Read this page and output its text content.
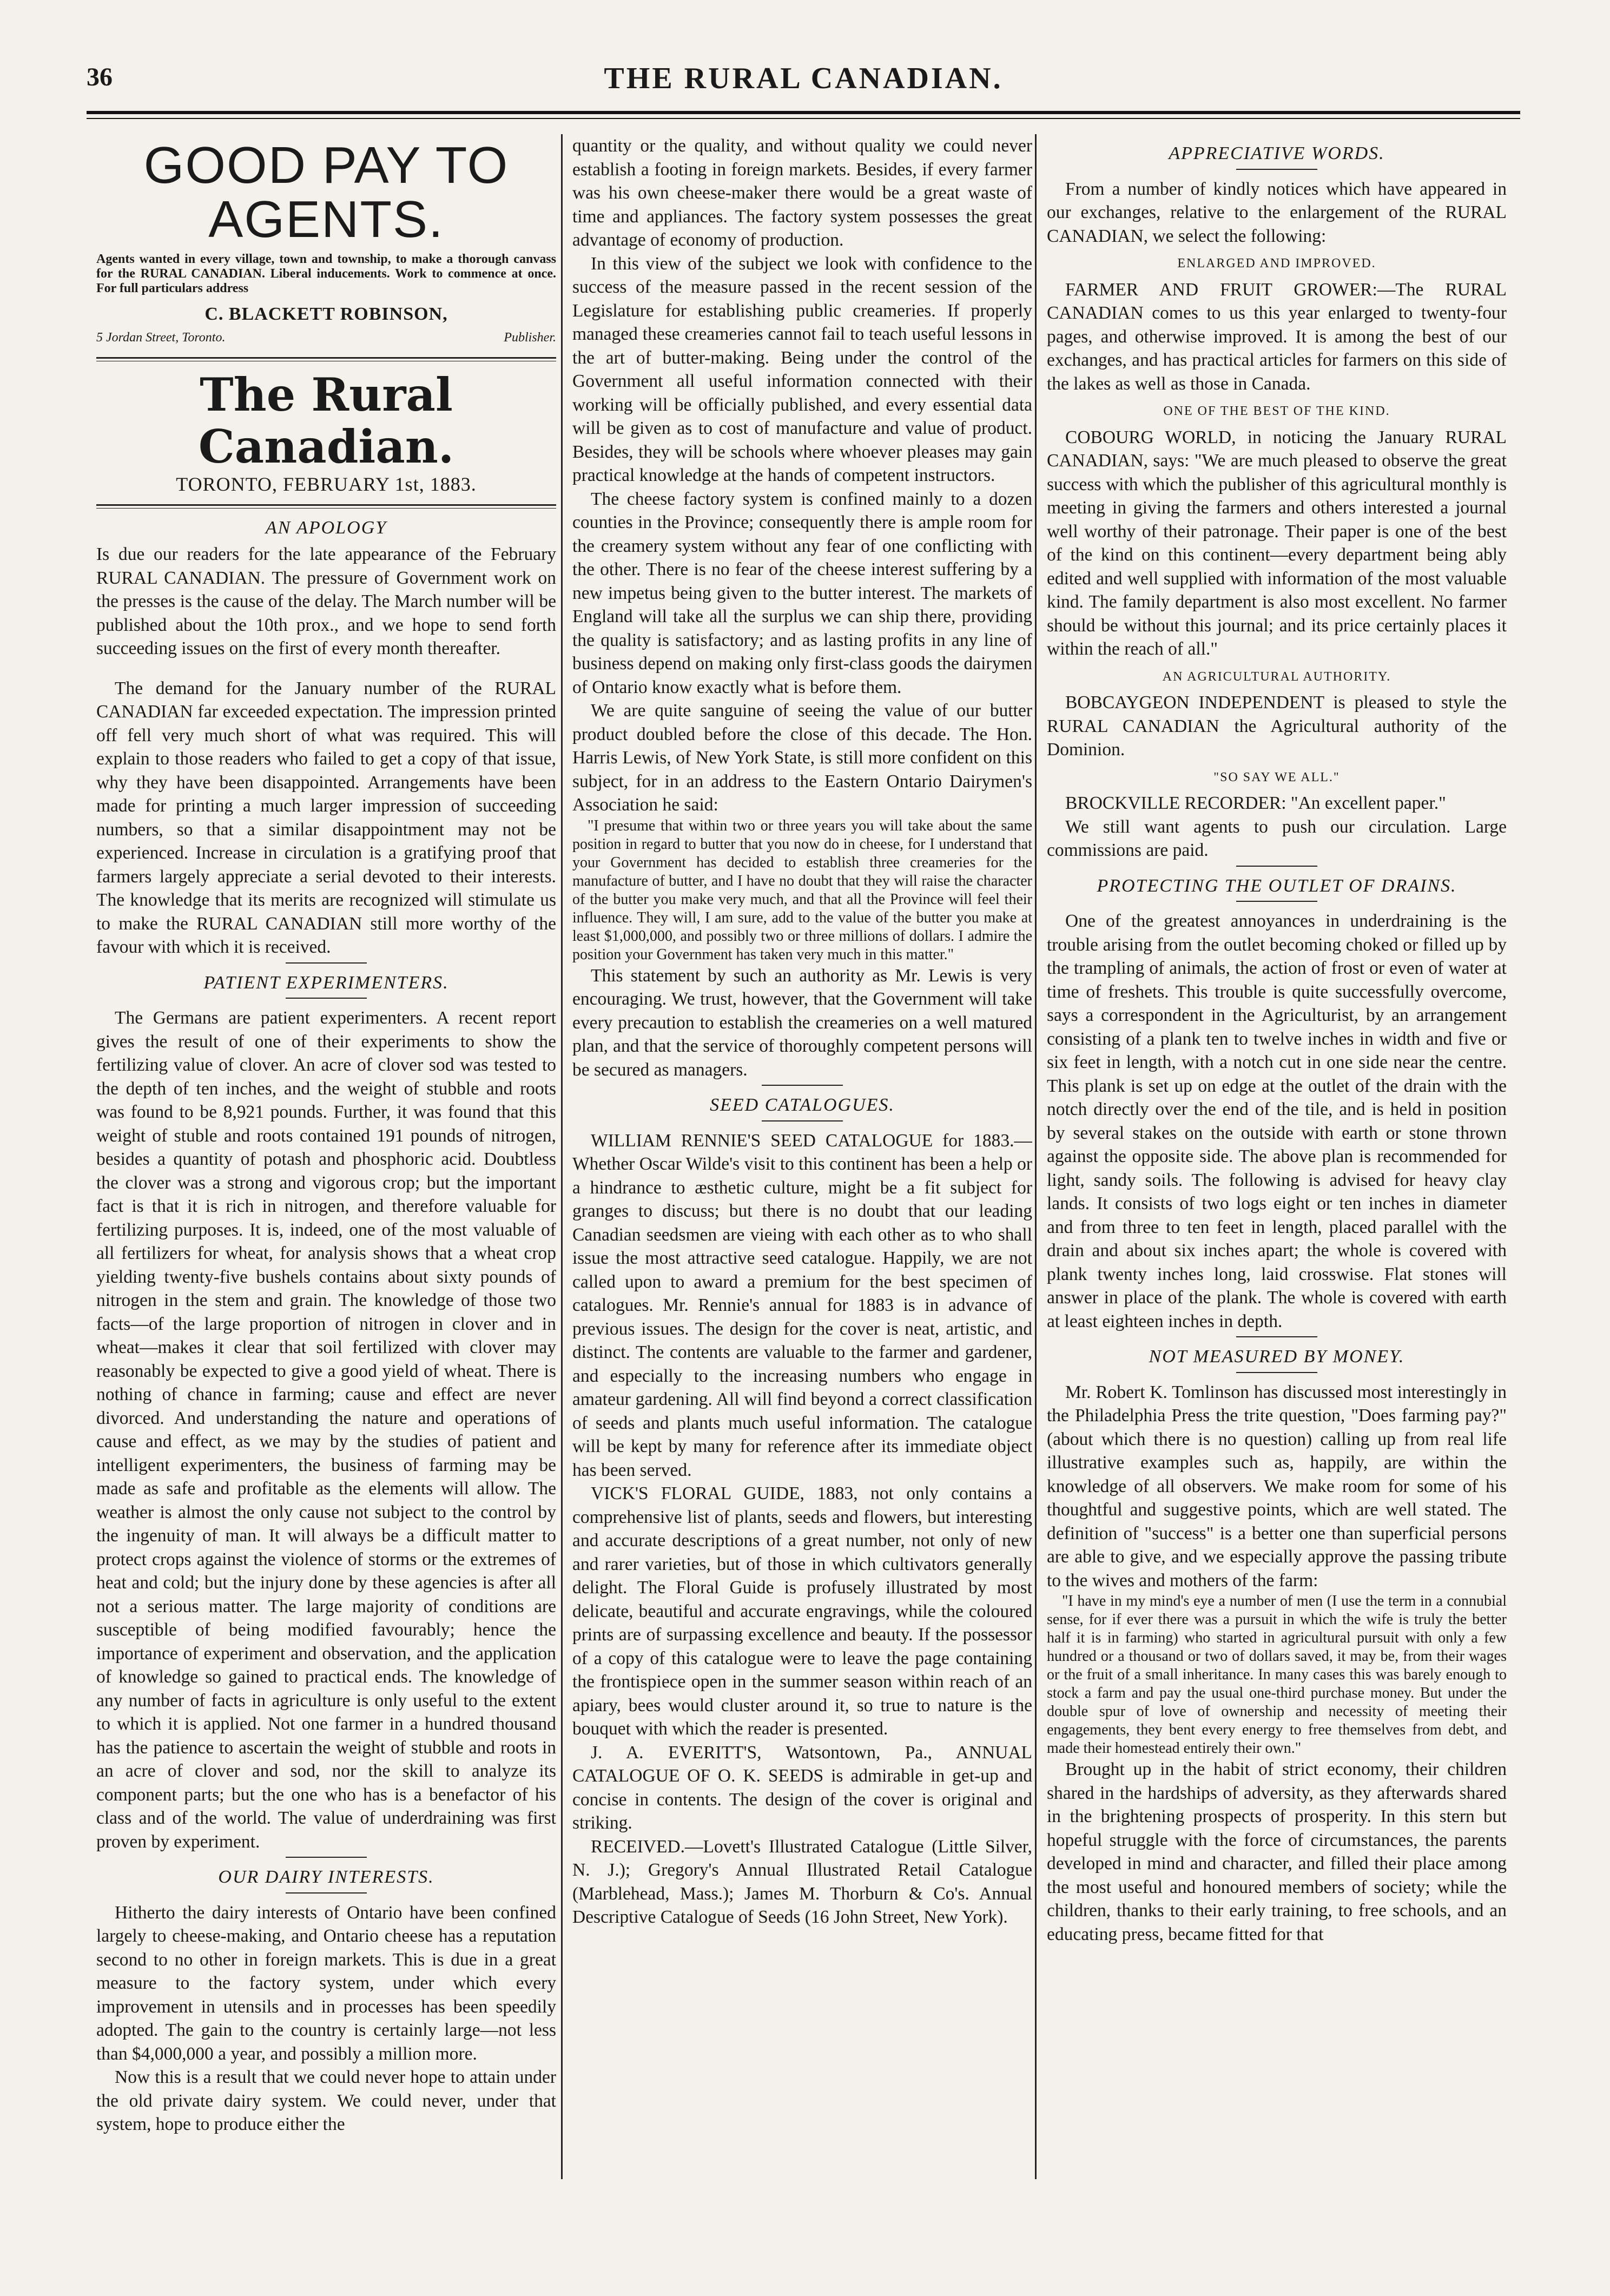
36	THE RURAL CANADIAN.
GOOD PAY TO AGENTS.

Agents wanted in every village, town and township, to make a thorough canvass for the RURAL CANADIAN. Liberal inducements. Work to commence at once. For full particulars address

C. BLACKETT ROBINSON,
5 Jordan Street, Toronto.	Publisher.
The Rural Canadian.
TORONTO, FEBRUARY 1st, 1883.
AN APOLOGY

Is due our readers for the late appearance of the February RURAL CANADIAN. The pressure of Government work on the presses is the cause of the delay. The March number will be published about the 10th prox., and we hope to send forth succeeding issues on the first of every month thereafter.

The demand for the January number of the RURAL CANADIAN far exceeded expectation. The impression printed off fell very much short of what was required. This will explain to those readers who failed to get a copy of that issue, why they have been disappointed. Arrangements have been made for printing a much larger impression of succeeding numbers, so that a similar disappointment may not be experienced. Increase in circulation is a gratifying proof that farmers largely appreciate a serial devoted to their interests. The knowledge that its merits are recognized will stimulate us to make the RURAL CANADIAN still more worthy of the favour with which it is received.

PATIENT EXPERIMENTERS.

The Germans are patient experimenters. A recent report gives the result of one of their experiments to show the fertilizing value of clover. An acre of clover sod was tested to the depth of ten inches, and the weight of stubble and roots was found to be 8,921 pounds. Further, it was found that this weight of stuble and roots contained 191 pounds of nitrogen, besides a quantity of potash and phosphoric acid. Doubtless the clover was a strong and vigorous crop; but the important fact is that it is rich in nitrogen, and therefore valuable for fertilizing purposes. It is, indeed, one of the most valuable of all fertilizers for wheat, for analysis shows that a wheat crop yielding twenty-five bushels contains about sixty pounds of nitrogen in the stem and grain. The knowledge of those two facts—of the large proportion of nitrogen in clover and in wheat—makes it clear that soil fertilized with clover may reasonably be expected to give a good yield of wheat. There is nothing of chance in farming; cause and effect are never divorced. And understanding the nature and operations of cause and effect, as we may by the studies of patient and intelligent experimenters, the business of farming may be made as safe and profitable as the elements will allow. The weather is almost the only cause not subject to the control by the ingenuity of man. It will always be a difficult matter to protect crops against the violence of storms or the extremes of heat and cold; but the injury done by these agencies is after all not a serious matter. The large majority of conditions are susceptible of being modified favourably; hence the importance of experiment and observation, and the application of knowledge so gained to practical ends. The knowledge of any number of facts in agriculture is only useful to the extent to which it is applied. Not one farmer in a hundred thousand has the patience to ascertain the weight of stubble and roots in an acre of clover and sod, nor the skill to analyze its component parts; but the one who has is a benefactor of his class and of the world. The value of underdraining was first proven by experiment.

OUR DAIRY INTERESTS.

Hitherto the dairy interests of Ontario have been confined largely to cheese-making, and Ontario cheese has a reputation second to no other in foreign markets. This is due in a great measure to the factory system, under which every improvement in utensils and in processes has been speedily adopted. The gain to the country is certainly large—not less than $4,000,000 a year, and possibly a million more.

Now this is a result that we could never hope to attain under the old private dairy system. We could never, under that system, hope to produce either the

quantity or the quality, and without quality we could never establish a footing in foreign markets. Besides, if every farmer was his own cheese-maker there would be a great waste of time and appliances. The factory system possesses the great advantage of economy of production.

In this view of the subject we look with confidence to the success of the measure passed in the recent session of the Legislature for establishing public creameries. If properly managed these creameries cannot fail to teach useful lessons in the art of butter-making. Being under the control of the Government all useful information connected with their working will be officially published, and every essential data will be given as to cost of manufacture and value of product. Besides, they will be schools where whoever pleases may gain practical knowledge at the hands of competent instructors.

The cheese factory system is confined mainly to a dozen counties in the Province; consequently there is ample room for the creamery system without any fear of one conflicting with the other. There is no fear of the cheese interest suffering by a new impetus being given to the butter interest. The markets of England will take all the surplus we can ship there, providing the quality is satisfactory; and as lasting profits in any line of business depend on making only first-class goods the dairymen of Ontario know exactly what is before them.

We are quite sanguine of seeing the value of our butter product doubled before the close of this decade. The Hon. Harris Lewis, of New York State, is still more confident on this subject, for in an address to the Eastern Ontario Dairymen's Association he said:

"I presume that within two or three years you will take about the same position in regard to butter that you now do in cheese, for I understand that your Government has decided to establish three creameries for the manufacture of butter, and I have no doubt that they will raise the character of the butter you make very much, and that all the Province will feel their influence. They will, I am sure, add to the value of the butter you make at least $1,000,000, and possibly two or three millions of dollars. I admire the position your Government has taken very much in this matter."

This statement by such an authority as Mr. Lewis is very encouraging. We trust, however, that the Government will take every precaution to establish the creameries on a well matured plan, and that the service of thoroughly competent persons will be secured as managers.

SEED CATALOGUES.

WILLIAM RENNIE'S SEED CATALOGUE for 1883.—Whether Oscar Wilde's visit to this continent has been a help or a hindrance to æsthetic culture, might be a fit subject for granges to discuss; but there is no doubt that our leading Canadian seedsmen are vieing with each other as to who shall issue the most attractive seed catalogue. Happily, we are not called upon to award a premium for the best specimen of catalogues. Mr. Rennie's annual for 1883 is in advance of previous issues. The design for the cover is neat, artistic, and distinct. The contents are valuable to the farmer and gardener, and especially to the increasing numbers who engage in amateur gardening. All will find beyond a correct classification of seeds and plants much useful information. The catalogue will be kept by many for reference after its immediate object has been served.

VICK'S FLORAL GUIDE, 1883, not only contains a comprehensive list of plants, seeds and flowers, but interesting and accurate descriptions of a great number, not only of new and rarer varieties, but of those in which cultivators generally delight. The Floral Guide is profusely illustrated by most delicate, beautiful and accurate engravings, while the coloured prints are of surpassing excellence and beauty. If the possessor of a copy of this catalogue were to leave the page containing the frontispiece open in the summer season within reach of an apiary, bees would cluster around it, so true to nature is the bouquet with which the reader is presented.

J. A. EVERITT'S, Watsontown, Pa., ANNUAL CATALOGUE OF O. K. SEEDS is admirable in get-up and concise in contents. The design of the cover is original and striking.

RECEIVED.—Lovett's Illustrated Catalogue (Little Silver, N. J.); Gregory's Annual Illustrated Retail Catalogue (Marblehead, Mass.); James M. Thorburn & Co's. Annual Descriptive Catalogue of Seeds (16 John Street, New York).

APPRECIATIVE WORDS.

From a number of kindly notices which have appeared in our exchanges, relative to the enlargement of the RURAL CANADIAN, we select the following:

ENLARGED AND IMPROVED.

FARMER AND FRUIT GROWER:—The RURAL CANADIAN comes to us this year enlarged to twenty-four pages, and otherwise improved. It is among the best of our exchanges, and has practical articles for farmers on this side of the lakes as well as those in Canada.

ONE OF THE BEST OF THE KIND.

COBOURG WORLD, in noticing the January RURAL CANADIAN, says: "We are much pleased to observe the great success with which the publisher of this agricultural monthly is meeting in giving the farmers and others interested a journal well worthy of their patronage. Their paper is one of the best of the kind on this continent—every department being ably edited and well supplied with information of the most valuable kind. The family department is also most excellent. No farmer should be without this journal; and its price certainly places it within the reach of all."

AN AGRICULTURAL AUTHORITY.

BOBCAYGEON INDEPENDENT is pleased to style the RURAL CANADIAN the Agricultural authority of the Dominion.

"SO SAY WE ALL."

BROCKVILLE RECORDER: "An excellent paper."

We still want agents to push our circulation. Large commissions are paid.

PROTECTING THE OUTLET OF DRAINS.

One of the greatest annoyances in underdraining is the trouble arising from the outlet becoming choked or filled up by the trampling of animals, the action of frost or even of water at time of freshets. This trouble is quite successfully overcome, says a correspondent in the Agriculturist, by an arrangement consisting of a plank ten to twelve inches in width and five or six feet in length, with a notch cut in one side near the centre. This plank is set up on edge at the outlet of the drain with the notch directly over the end of the tile, and is held in position by several stakes on the outside with earth or stone thrown against the opposite side. The above plan is recommended for light, sandy soils. The following is advised for heavy clay lands. It consists of two logs eight or ten inches in diameter and from three to ten feet in length, placed parallel with the drain and about six inches apart; the whole is covered with plank twenty inches long, laid crosswise. Flat stones will answer in place of the plank. The whole is covered with earth at least eighteen inches in depth.

NOT MEASURED BY MONEY.

Mr. Robert K. Tomlinson has discussed most interestingly in the Philadelphia Press the trite question, "Does farming pay?" (about which there is no question) calling up from real life illustrative examples such as, happily, are within the knowledge of all observers. We make room for some of his thoughtful and suggestive points, which are well stated. The definition of "success" is a better one than superficial persons are able to give, and we especially approve the passing tribute to the wives and mothers of the farm:

"I have in my mind's eye a number of men (I use the term in a connubial sense, for if ever there was a pursuit in which the wife is truly the better half it is in farming) who started in agricultural pursuit with only a few hundred or a thousand or two of dollars saved, it may be, from their wages or the fruit of a small inheritance. In many cases this was barely enough to stock a farm and pay the usual one-third purchase money. But under the double spur of love of ownership and necessity of meeting their engagements, they bent every energy to free themselves from debt, and made their homestead entirely their own."

Brought up in the habit of strict economy, their children shared in the hardships of adversity, as they afterwards shared in the brightening prospects of prosperity. In this stern but hopeful struggle with the force of circumstances, the parents developed in mind and character, and filled their place among the most useful and honoured members of society; while the children, thanks to their early training, to free schools, and an educating press, became fitted for that
